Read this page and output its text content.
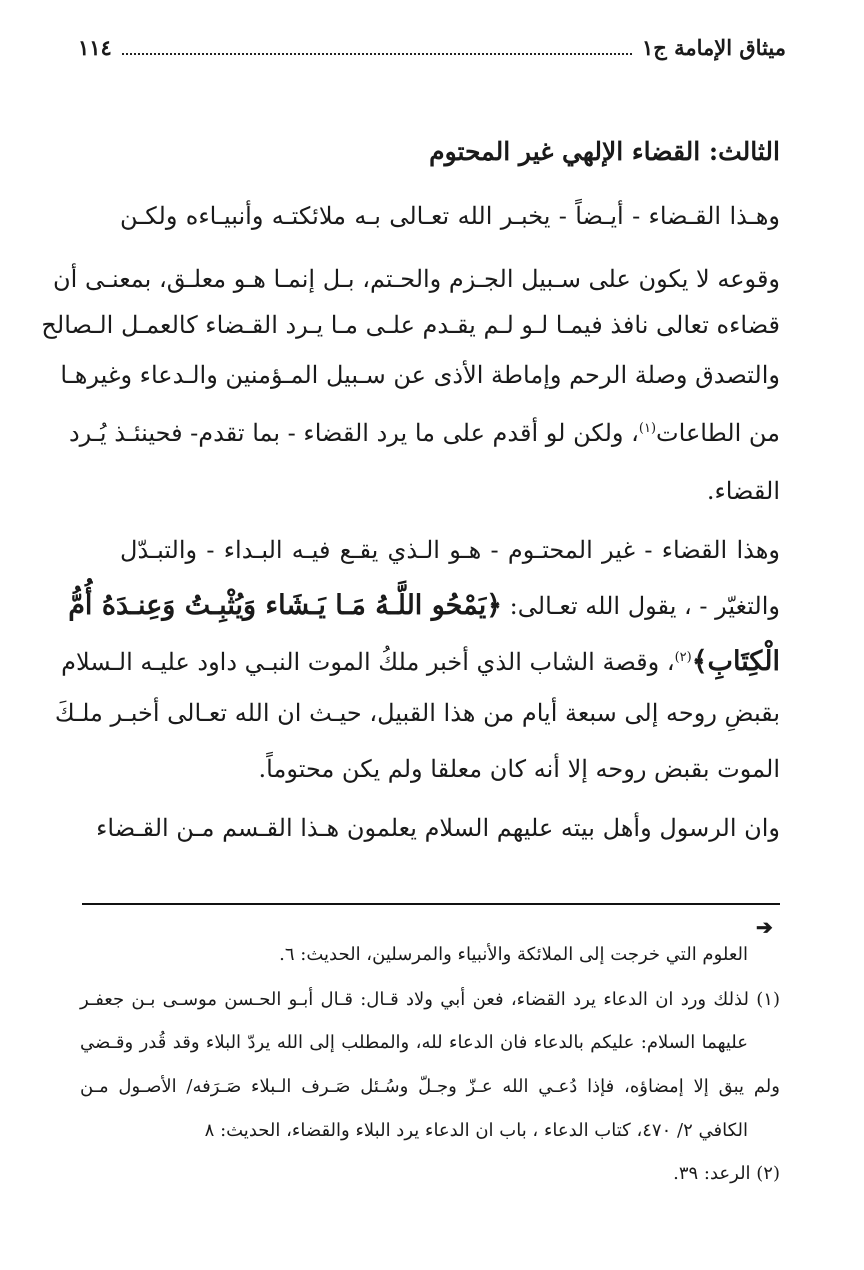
ميثاق الإمامة ج١
١١٤
الثالث: القضاء الإلهي غير المحتوم
وهـذا القـضاء - أيـضاً - يخبـر الله تعـالى بـه ملائكتـه وأنبيـاءه ولكـن
وقوعه لا يكون على سـبيل الجـزم والحـتم، بـل إنمـا هـو معلـق، بمعنـى أن
قضاءه تعالى نافذ فيمـا لـو لـم يقـدم علـى مـا يـرد القـضاء كالعمـل الـصالح
والتصدق وصلة الرحم وإماطة الأذى عن سـبيل المـؤمنين والـدعاء وغيرهـا
من الطاعات$^{(١)}$، ولكن لو أقدم على ما يرد القضاء - بما تقدم- فحينئـذ يُـرد
القضاء.
وهذا القضاء - غير المحتـوم - هـو الـذي يقـع فيـه البـداء - والتبـدّل
والتغيّر - ، يقول الله تعـالى: ﴿يَمْحُو اللَّـهُ مَـا يَـشَاء وَيُثْبِـتُ وَعِنـدَهُ أُمُّ
الْكِتَابِ﴾$^{(٢)}$، وقصة الشاب الذي أخبر ملكُ الموت النبـي داود عليـه الـسلام
بقبضِ روحه إلى سبعة أيام من هذا القبيل، حيـث ان الله تعـالى أخبـر ملـكَ
الموت بقبض روحه إلا أنه كان معلقا ولم يكن محتوماً.
وان الرسول وأهل بيته عليهم السلام يعلمون هـذا القـسم مـن القـضاء
➔
العلوم التي خرجت إلى الملائكة والأنبياء والمرسلين، الحديث: ٦.
(١) لذلك ورد ان الدعاء يرد القضاء، فعن أبي ولاد قـال: قـال أبـو الحـسن موسـى بـن جعفـر
عليهما السلام: عليكم بالدعاء فان الدعاء لله، والمطلب إلى الله يردّ البلاء وقد قُدر وقـضي
ولم يبق إلا إمضاؤه، فإذا دُعـي الله عـزّ وجـلّ وسُـئل صَـرف الـبلاء صَـرَفه/ الأصـول مـن
الكافي ٢/ ٤٧٠، كتاب الدعاء ، باب ان الدعاء يرد البلاء والقضاء، الحديث: ٨
(٢) الرعد: ٣٩.
